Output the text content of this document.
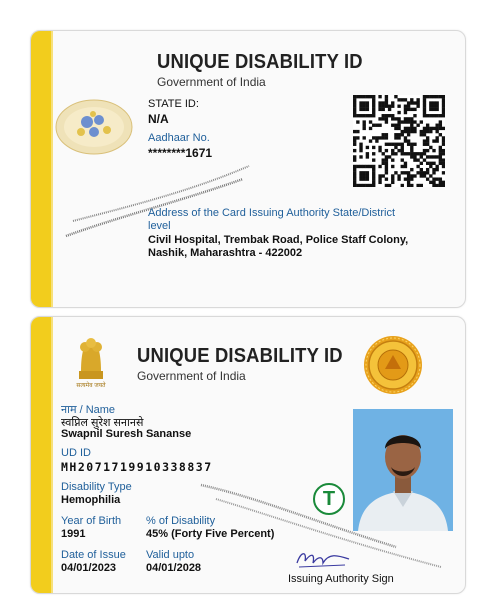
UNIQUE DISABILITY ID
Government of India
STATE ID:
N/A
Aadhaar No.
********1671
Address of the Card Issuing Authority State/District
level
Civil Hospital, Trembak Road, Police Staff Colony,
Nashik, Maharashtra - 422002
सत्यमेव जयते
UNIQUE DISABILITY ID
Government of India
नाम / Name
स्वप्निल सुरेश सनानसे
Swapnil Suresh Sananse
UD ID
MH2071719910338837
Disability Type
Hemophilia
Year of Birth
1991
% of Disability
45% (Forty Five Percent)
Date of Issue
04/01/2023
Valid upto
04/01/2028
T
Issuing Authority Sign
